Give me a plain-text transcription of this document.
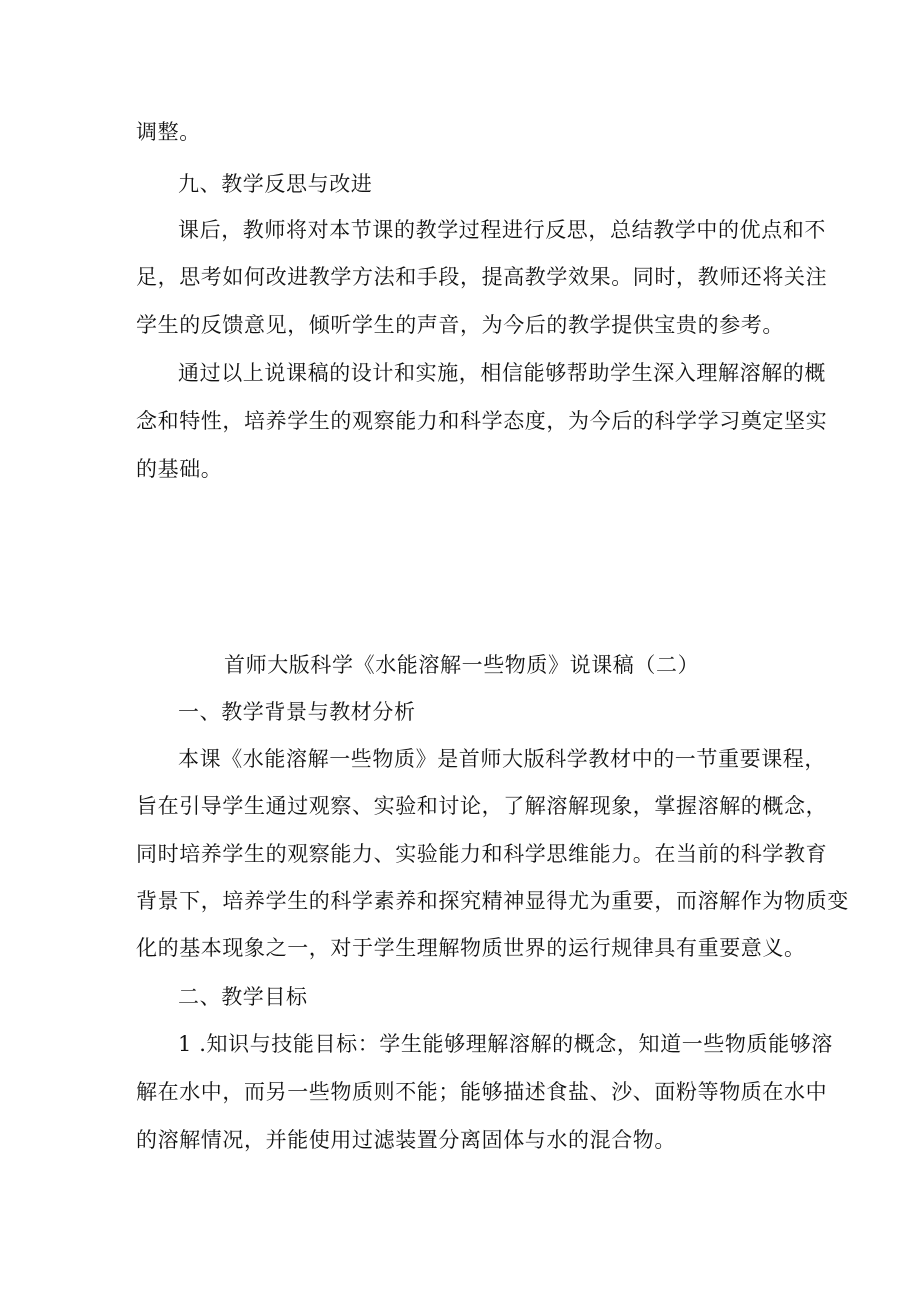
调整。
九、教学反思与改进
课后，教师将对本节课的教学过程进行反思，总结教学中的优点和不
足，思考如何改进教学方法和手段，提高教学效果。同时，教师还将关注
学生的反馈意见，倾听学生的声音，为今后的教学提供宝贵的参考。
通过以上说课稿的设计和实施，相信能够帮助学生深入理解溶解的概
念和特性，培养学生的观察能力和科学态度，为今后的科学学习奠定坚实
的基础。
首师大版科学《水能溶解一些物质》说课稿（二）
一、教学背景与教材分析
本课《水能溶解一些物质》是首师大版科学教材中的一节重要课程，
旨在引导学生通过观察、实验和讨论，了解溶解现象，掌握溶解的概念，
同时培养学生的观察能力、实验能力和科学思维能力。在当前的科学教育
背景下，培养学生的科学素养和探究精神显得尤为重要，而溶解作为物质变
化的基本现象之一，对于学生理解物质世界的运行规律具有重要意义。
二、教学目标
1 .知识与技能目标：学生能够理解溶解的概念，知道一些物质能够溶
解在水中，而另一些物质则不能；能够描述食盐、沙、面粉等物质在水中
的溶解情况，并能使用过滤装置分离固体与水的混合物。
